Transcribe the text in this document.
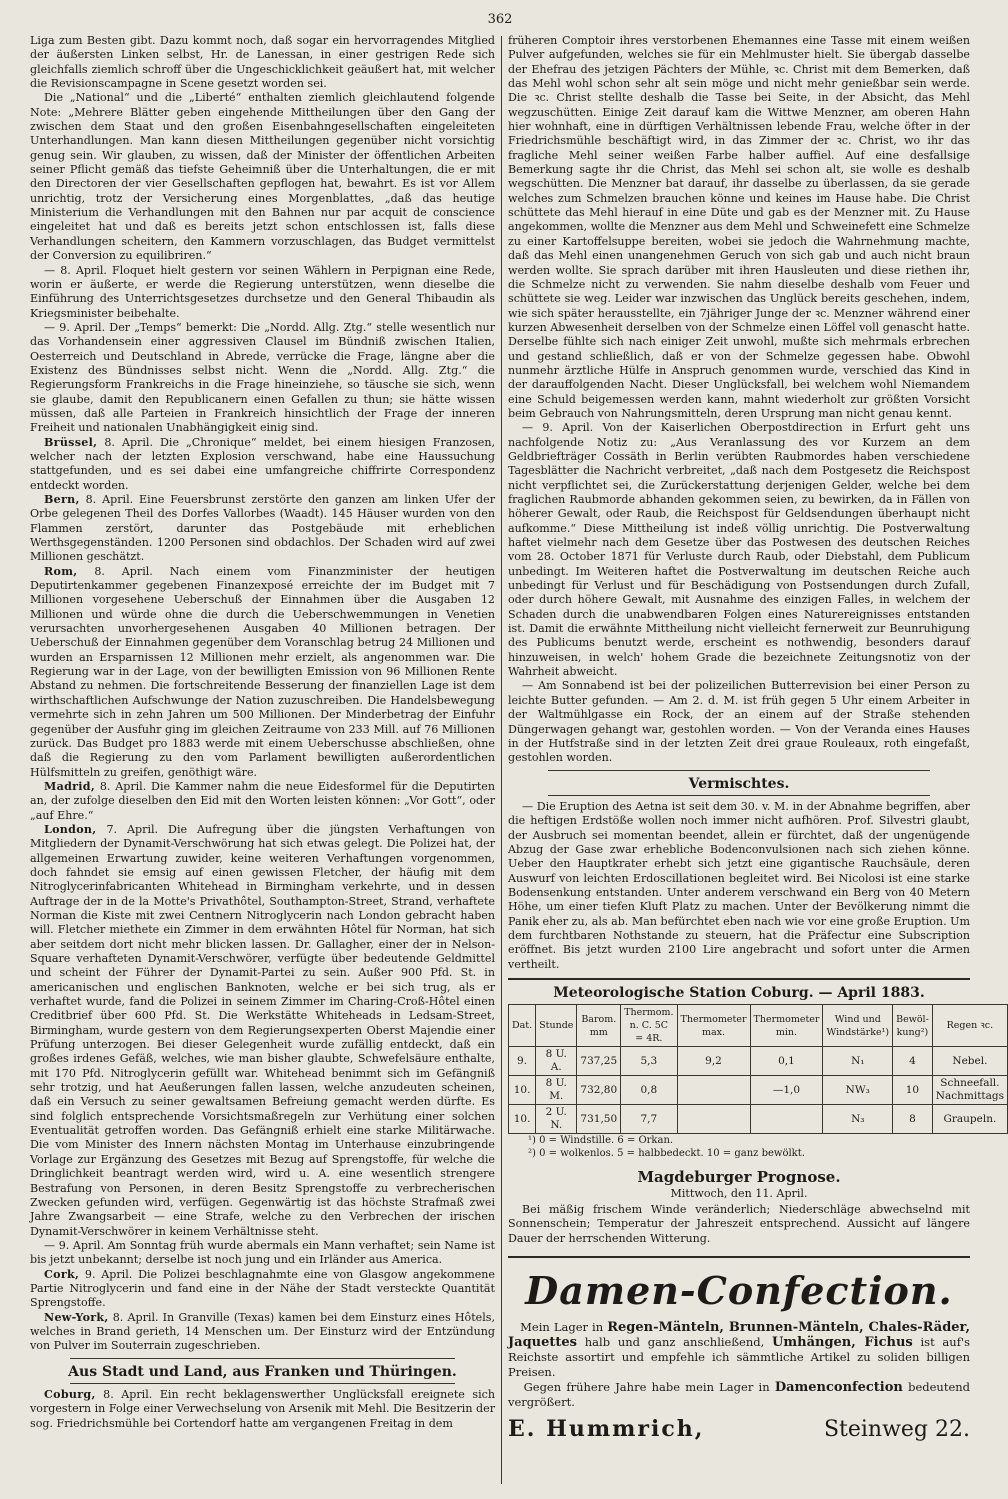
362

Liga zum Besten gibt. Dazu kommt noch, daß sogar ein hervorragendes Mitglied der äußersten Linken selbst, Hr. de Lanessan, in einer gestrigen Rede sich gleichfalls ziemlich schroff über die Ungeschicklichkeit geäußert hat, mit welcher die Revisionscampagne in Scene gesetzt worden sei.

Die „National“ und die „Liberté“ enthalten ziemlich gleichlautend folgende Note: „Mehrere Blätter geben eingehende Mittheilungen über den Gang der zwischen dem Staat und den großen Eisenbahngesellschaften eingeleiteten Unterhandlungen. Man kann diesen Mittheilungen gegenüber nicht vorsichtig genug sein. Wir glauben, zu wissen, daß der Minister der öffentlichen Arbeiten seiner Pflicht gemäß das tiefste Geheimniß über die Unterhaltungen, die er mit den Directoren der vier Gesellschaften gepflogen hat, bewahrt. Es ist vor Allem unrichtig, trotz der Versicherung eines Morgenblattes, „daß das heutige Ministerium die Verhandlungen mit den Bahnen nur par acquit de conscience eingeleitet hat und daß es bereits jetzt schon entschlossen ist, falls diese Verhandlungen scheitern, den Kammern vorzuschlagen, das Budget vermittelst der Conversion zu equilibriren.“

— 8. April. Floquet hielt gestern vor seinen Wählern in Perpignan eine Rede, worin er äußerte, er werde die Regierung unterstützen, wenn dieselbe die Einführung des Unterrichtsgesetzes durchsetze und den General Thibaudin als Kriegsminister beibehalte.

— 9. April. Der „Temps“ bemerkt: Die „Nordd. Allg. Ztg.“ stelle wesentlich nur das Vorhandensein einer aggressiven Clausel im Bündniß zwischen Italien, Oesterreich und Deutschland in Abrede, verrücke die Frage, längne aber die Existenz des Bündnisses selbst nicht. Wenn die „Nordd. Allg. Ztg.“ die Regierungsform Frankreichs in die Frage hineinziehe, so täusche sie sich, wenn sie glaube, damit den Republicanern einen Gefallen zu thun; sie hätte wissen müssen, daß alle Parteien in Frankreich hinsichtlich der Frage der inneren Freiheit und nationalen Unabhängigkeit einig sind.

Brüssel, 8. April. Die „Chronique“ meldet, bei einem hiesigen Franzosen, welcher nach der letzten Explosion verschwand, habe eine Haussuchung stattgefunden, und es sei dabei eine umfangreiche chiffrirte Correspondenz entdeckt worden.

Bern, 8. April. Eine Feuersbrunst zerstörte den ganzen am linken Ufer der Orbe gelegenen Theil des Dorfes Vallorbes (Waadt). 145 Häuser wurden von den Flammen zerstört, darunter das Postgebäude mit erheblichen Werthsgegenständen. 1200 Personen sind obdachlos. Der Schaden wird auf zwei Millionen geschätzt.

Rom, 8. April. Nach einem vom Finanzminister der heutigen Deputirtenkammer gegebenen Finanzexposé erreichte der im Budget mit 7 Millionen vorgesehene Ueberschuß der Einnahmen über die Ausgaben 12 Millionen und würde ohne die durch die Ueberschwemmungen in Venetien verursachten unvorhergesehenen Ausgaben 40 Millionen betragen. Der Ueberschuß der Einnahmen gegenüber dem Voranschlag betrug 24 Millionen und wurden an Ersparnissen 12 Millionen mehr erzielt, als angenommen war. Die Regierung war in der Lage, von der bewilligten Emission von 96 Millionen Rente Abstand zu nehmen. Die fortschreitende Besserung der finanziellen Lage ist dem wirthschaftlichen Aufschwunge der Nation zuzuschreiben. Die Handelsbewegung vermehrte sich in zehn Jahren um 500 Millionen. Der Minderbetrag der Einfuhr gegenüber der Ausfuhr ging im gleichen Zeitraume von 233 Mill. auf 76 Millionen zurück. Das Budget pro 1883 werde mit einem Ueberschusse abschließen, ohne daß die Regierung zu den vom Parlament bewilligten außerordentlichen Hülfsmitteln zu greifen, genöthigt wäre.

Madrid, 8. April. Die Kammer nahm die neue Eidesformel für die Deputirten an, der zufolge dieselben den Eid mit den Worten leisten können: „Vor Gott“, oder „auf Ehre.“

London, 7. April. Die Aufregung über die jüngsten Verhaftungen von Mitgliedern der Dynamit-Verschwörung hat sich etwas gelegt. Die Polizei hat, der allgemeinen Erwartung zuwider, keine weiteren Verhaftungen vorgenommen, doch fahndet sie emsig auf einen gewissen Fletcher, der häufig mit dem Nitroglycerinfabricanten Whitehead in Birmingham verkehrte, und in dessen Auftrage der in de la Motte's Privathôtel, Southampton-Street, Strand, verhaftete Norman die Kiste mit zwei Centnern Nitroglycerin nach London gebracht haben will. Fletcher miethete ein Zimmer in dem erwähnten Hôtel für Norman, hat sich aber seitdem dort nicht mehr blicken lassen. Dr. Gallagher, einer der in Nelson-Square verhafteten Dynamit-Verschwörer, verfügte über bedeutende Geldmittel und scheint der Führer der Dynamit-Partei zu sein. Außer 900 Pfd. St. in americanischen und englischen Banknoten, welche er bei sich trug, als er verhaftet wurde, fand die Polizei in seinem Zimmer im Charing-Croß-Hôtel einen Creditbrief über 600 Pfd. St. Die Werkstätte Whiteheads in Ledsam-Street, Birmingham, wurde gestern von dem Regierungsexperten Oberst Majendie einer Prüfung unterzogen. Bei dieser Gelegenheit wurde zufällig entdeckt, daß ein großes irdenes Gefäß, welches, wie man bisher glaubte, Schwefelsäure enthalte, mit 170 Pfd. Nitroglycerin gefüllt war. Whitehead benimmt sich im Gefängniß sehr trotzig, und hat Aeußerungen fallen lassen, welche anzudeuten scheinen, daß ein Versuch zu seiner gewaltsamen Befreiung gemacht werden dürfte. Es sind folglich entsprechende Vorsichtsmaßregeln zur Verhütung einer solchen Eventualität getroffen worden. Das Gefängniß erhielt eine starke Militärwache. Die vom Minister des Innern nächsten Montag im Unterhause einzubringende Vorlage zur Ergänzung des Gesetzes mit Bezug auf Sprengstoffe, für welche die Dringlichkeit beantragt werden wird, wird u. A. eine wesentlich strengere Bestrafung von Personen, in deren Besitz Sprengstoffe zu verbrecherischen Zwecken gefunden wird, verfügen. Gegenwärtig ist das höchste Strafmaß zwei Jahre Zwangsarbeit — eine Strafe, welche zu den Verbrechen der irischen Dynamit-Verschwörer in keinem Verhältnisse steht.

— 9. April. Am Sonntag früh wurde abermals ein Mann verhaftet; sein Name ist bis jetzt unbekannt; derselbe ist noch jung und ein Irländer aus America.

Cork, 9. April. Die Polizei beschlagnahmte eine von Glasgow angekommene Partie Nitroglycerin und fand eine in der Nähe der Stadt versteckte Quantität Sprengstoffe.

New-York, 8. April. In Granville (Texas) kamen bei dem Einsturz eines Hôtels, welches in Brand gerieth, 14 Menschen um. Der Einsturz wird der Entzündung von Pulver im Souterrain zugeschrieben.

Aus Stadt und Land, aus Franken und Thüringen.

Coburg, 8. April. Ein recht beklagenswerther Unglücksfall ereignete sich vorgestern in Folge einer Verwechselung von Arsenik mit Mehl. Die Besitzerin der sog. Friedrichsmühle bei Cortendorf hatte am vergangenen Freitag in dem

früheren Comptoir ihres verstorbenen Ehemannes eine Tasse mit einem weißen Pulver aufgefunden, welches sie für ein Mehlmuster hielt. Sie übergab dasselbe der Ehefrau des jetzigen Pächters der Mühle, ꝛc. Christ mit dem Bemerken, daß das Mehl wohl schon sehr alt sein möge und nicht mehr genießbar sein werde. Die ꝛc. Christ stellte deshalb die Tasse bei Seite, in der Absicht, das Mehl wegzuschütten. Einige Zeit darauf kam die Wittwe Menzner, am oberen Hahn hier wohnhaft, eine in dürftigen Verhältnissen lebende Frau, welche öfter in der Friedrichsmühle beschäftigt wird, in das Zimmer der ꝛc. Christ, wo ihr das fragliche Mehl seiner weißen Farbe halber auffiel. Auf eine desfallsige Bemerkung sagte ihr die Christ, das Mehl sei schon alt, sie wolle es deshalb wegschütten. Die Menzner bat darauf, ihr dasselbe zu überlassen, da sie gerade welches zum Schmelzen brauchen könne und keines im Hause habe. Die Christ schüttete das Mehl hierauf in eine Düte und gab es der Menzner mit. Zu Hause angekommen, wollte die Menzner aus dem Mehl und Schweinefett eine Schmelze zu einer Kartoffelsuppe bereiten, wobei sie jedoch die Wahrnehmung machte, daß das Mehl einen unangenehmen Geruch von sich gab und auch nicht braun werden wollte. Sie sprach darüber mit ihren Hausleuten und diese riethen ihr, die Schmelze nicht zu verwenden. Sie nahm dieselbe deshalb vom Feuer und schüttete sie weg. Leider war inzwischen das Unglück bereits geschehen, indem, wie sich später herausstellte, ein 7jähriger Junge der ꝛc. Menzner während einer kurzen Abwesenheit derselben von der Schmelze einen Löffel voll genascht hatte. Derselbe fühlte sich nach einiger Zeit unwohl, mußte sich mehrmals erbrechen und gestand schließlich, daß er von der Schmelze gegessen habe. Obwohl nunmehr ärztliche Hülfe in Anspruch genommen wurde, verschied das Kind in der darauffolgenden Nacht. Dieser Unglücksfall, bei welchem wohl Niemandem eine Schuld beigemessen werden kann, mahnt wiederholt zur größten Vorsicht beim Gebrauch von Nahrungsmitteln, deren Ursprung man nicht genau kennt.

— 9. April. Von der Kaiserlichen Oberpostdirection in Erfurt geht uns nachfolgende Notiz zu: „Aus Veranlassung des vor Kurzem an dem Geldbriefträger Cossäth in Berlin verübten Raubmordes haben verschiedene Tagesblätter die Nachricht verbreitet, „daß nach dem Postgesetz die Reichspost nicht verpflichtet sei, die Zurückerstattung derjenigen Gelder, welche bei dem fraglichen Raubmorde abhanden gekommen seien, zu bewirken, da in Fällen von höherer Gewalt, oder Raub, die Reichspost für Geldsendungen überhaupt nicht aufkomme.“ Diese Mittheilung ist indeß völlig unrichtig. Die Postverwaltung haftet vielmehr nach dem Gesetze über das Postwesen des deutschen Reiches vom 28. October 1871 für Verluste durch Raub, oder Diebstahl, dem Publicum unbedingt. Im Weiteren haftet die Postverwaltung im deutschen Reiche auch unbedingt für Verlust und für Beschädigung von Postsendungen durch Zufall, oder durch höhere Gewalt, mit Ausnahme des einzigen Falles, in welchem der Schaden durch die unabwendbaren Folgen eines Naturereignisses entstanden ist. Damit die erwähnte Mittheilung nicht vielleicht fernerweit zur Beunruhigung des Publicums benutzt werde, erscheint es nothwendig, besonders darauf hinzuweisen, in welch' hohem Grade die bezeichnete Zeitungsnotiz von der Wahrheit abweicht.

— Am Sonnabend ist bei der polizeilichen Butterrevision bei einer Person zu leichte Butter gefunden. — Am 2. d. M. ist früh gegen 5 Uhr einem Arbeiter in der Waltmühlgasse ein Rock, der an einem auf der Straße stehenden Düngerwagen gehangt war, gestohlen worden. — Von der Veranda eines Hauses in der Hutfstraße sind in der letzten Zeit drei graue Rouleaux, roth eingefaßt, gestohlen worden.

Vermischtes.

— Die Eruption des Aetna ist seit dem 30. v. M. in der Abnahme begriffen, aber die heftigen Erdstöße wollen noch immer nicht aufhören. Prof. Silvestri glaubt, der Ausbruch sei momentan beendet, allein er fürchtet, daß der ungenügende Abzug der Gase zwar erhebliche Bodenconvulsionen nach sich ziehen könne. Ueber den Hauptkrater erhebt sich jetzt eine gigantische Rauchsäule, deren Auswurf von leichten Erdoscillationen begleitet wird. Bei Nicolosi ist eine starke Bodensenkung entstanden. Unter anderem verschwand ein Berg von 40 Metern Höhe, um einer tiefen Kluft Platz zu machen. Unter der Bevölkerung nimmt die Panik eher zu, als ab. Man befürchtet eben nach wie vor eine große Eruption. Um dem furchtbaren Nothstande zu steuern, hat die Präfectur eine Subscription eröffnet. Bis jetzt wurden 2100 Lire angebracht und sofort unter die Armen vertheilt.

Meteorologische Station Coburg. — April 1883.
Dat.	Stunde	Barom. mm	Thermom. n. C. 5C = 4R.	Thermometer max.	Thermometer min.	Wind und Windstärke¹)	Bewöl-kung²)	Regen ꝛc.
9.	8 U. A.	737,25	5,3	9,2	0,1	N₁	4	Nebel.
10.	8 U. M.	732,80	0,8		—1,0	NW₃	10	Schneefall. Nachmittags
10.	2 U. N.	731,50	7,7			N₃	8	Graupeln.
¹) 0 = Windstille. 6 = Orkan.
²) 0 = wolkenlos. 5 = halbbedeckt. 10 = ganz bewölkt.
Magdeburger Prognose.
Mittwoch, den 11. April.

Bei mäßig frischem Winde veränderlich; Niederschläge abwechselnd mit Sonnenschein; Temperatur der Jahreszeit entsprechend. Aussicht auf längere Dauer der herrschenden Witterung.

Damen-Confection.
Mein Lager in Regen-Mänteln, Brunnen-Mänteln, Chales-Räder, Jaquettes halb und ganz anschließend, Umhängen, Fichus ist auf's Reichste assortirt und empfehle ich sämmtliche Artikel zu soliden billigen Preisen.
Gegen frühere Jahre habe mein Lager in Damenconfection bedeutend vergrößert.
E. Hummrich,	Steinweg 22.
